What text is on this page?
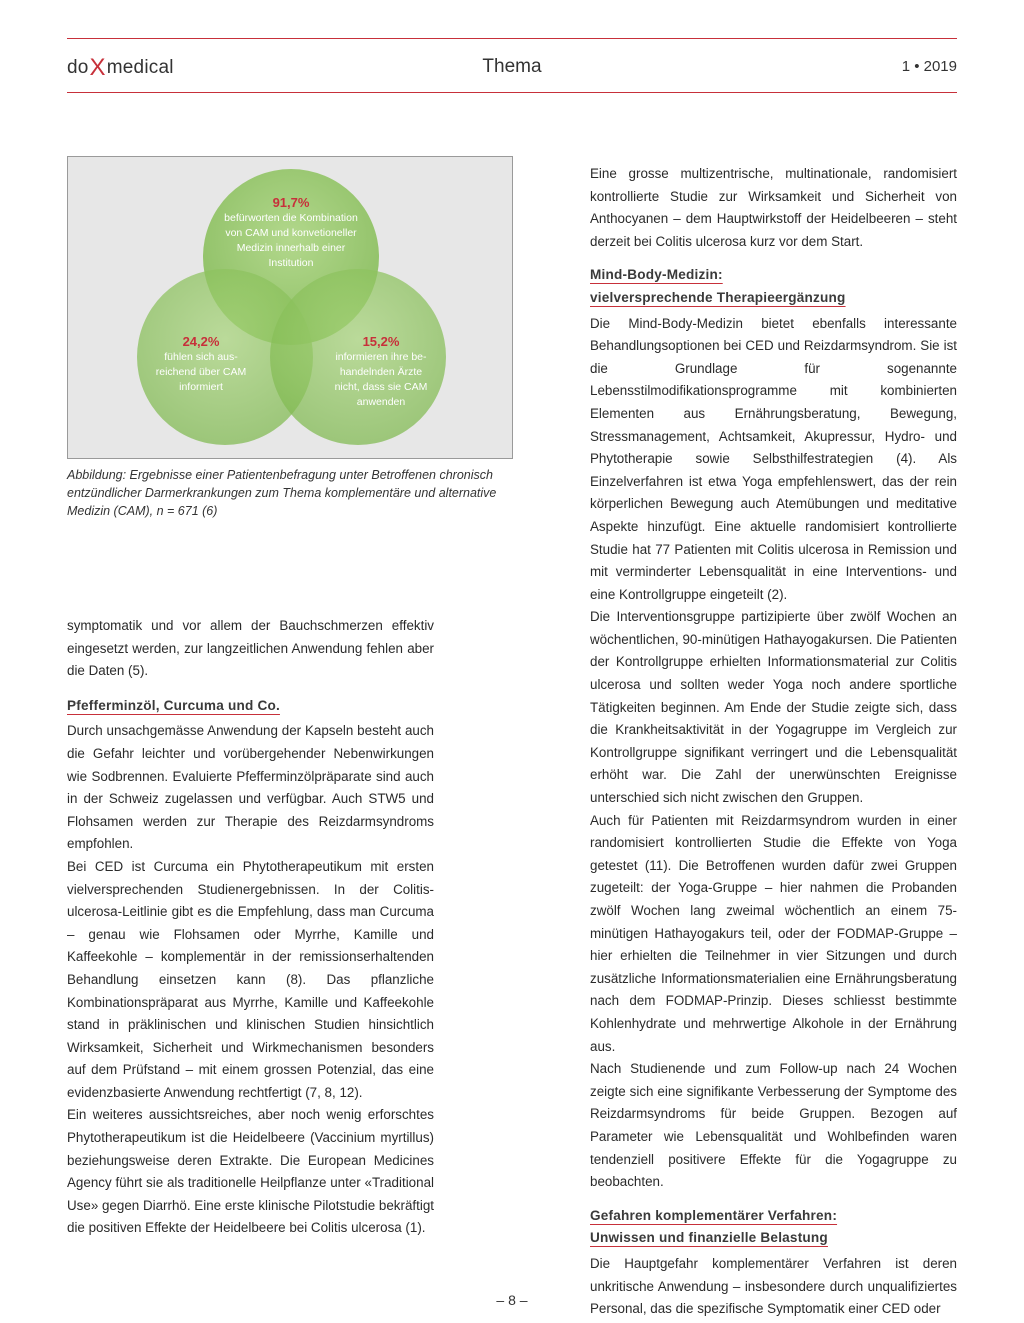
doXmedical	Thema	1 • 2019
91,7%
befürworten die Kombination
von CAM und konvetioneller
Medizin innerhalb einer
Institution
24,2%
fühlen sich aus-
reichend über CAM
informiert
15,2%
informieren ihre be-
handelnden Ärzte
nicht, dass sie CAM
anwenden

Abbildung: Ergebnisse einer Patientenbefragung unter Betroffenen chronisch entzündlicher Darmerkrankungen zum Thema komplementäre und alternative Medizin (CAM), n = 671 (6)

symptomatik und vor allem der Bauchschmerzen effektiv eingesetzt werden, zur langzeitlichen Anwendung fehlen aber die Daten (5).

Pfefferminzöl, Curcuma und Co.

Durch unsachgemässe Anwendung der Kapseln besteht auch die Gefahr leichter und vorübergehender Nebenwirkungen wie Sodbrennen. Evaluierte Pfefferminzölpräparate sind auch in der Schweiz zugelassen und verfügbar. Auch STW5 und Flohsamen werden zur Therapie des Reizdarmsyndroms empfohlen.

Bei CED ist Curcuma ein Phytotherapeutikum mit ersten vielversprechenden Studienergebnissen. In der Colitis-ulcerosa-Leitlinie gibt es die Empfehlung, dass man Curcuma – genau wie Flohsamen oder Myrrhe, Kamille und Kaffeekohle – komplementär in der remissionserhaltenden Behandlung einsetzen kann (8). Das pflanzliche Kombinationspräparat aus Myrrhe, Kamille und Kaffeekohle stand in präklinischen und klinischen Studien hinsichtlich Wirksamkeit, Sicherheit und Wirkmechanismen besonders auf dem Prüfstand – mit einem grossen Potenzial, das eine evidenzbasierte Anwendung rechtfertigt (7, 8, 12).

Ein weiteres aussichtsreiches, aber noch wenig erforschtes Phytotherapeutikum ist die Heidelbeere (Vaccinium myrtillus) beziehungsweise deren Extrakte. Die European Medicines Agency führt sie als traditionelle Heilpflanze unter «Traditional Use» gegen Diarrhö. Eine erste klinische Pilotstudie bekräftigt die positiven Effekte der Heidelbeere bei Colitis ulcerosa (1).

Eine grosse multizentrische, multinationale, randomisiert kontrollierte Studie zur Wirksamkeit und Sicherheit von Anthocyanen – dem Hauptwirkstoff der Heidelbeeren – steht derzeit bei Colitis ulcerosa kurz vor dem Start.

Mind-Body-Medizin:
vielversprechende Therapieergänzung

Die Mind-Body-Medizin bietet ebenfalls interessante Behandlungsoptionen bei CED und Reizdarmsyndrom. Sie ist die Grundlage für sogenannte Lebensstilmodifikationsprogramme mit kombinierten Elementen aus Ernährungsberatung, Bewegung, Stressmanagement, Achtsamkeit, Akupressur, Hydro- und Phytotherapie sowie Selbsthilfestrategien (4). Als Einzelverfahren ist etwa Yoga empfehlenswert, das der rein körperlichen Bewegung auch Atemübungen und meditative Aspekte hinzufügt. Eine aktuelle randomisiert kontrollierte Studie hat 77 Patienten mit Colitis ulcerosa in Remission und mit verminderter Lebensqualität in eine Interventions- und eine Kontrollgruppe eingeteilt (2).

Die Interventionsgruppe partizipierte über zwölf Wochen an wöchentlichen, 90-minütigen Hathayogakursen. Die Patienten der Kontrollgruppe erhielten Informationsmaterial zur Colitis ulcerosa und sollten weder Yoga noch andere sportliche Tätigkeiten beginnen. Am Ende der Studie zeigte sich, dass die Krankheitsaktivität in der Yogagruppe im Vergleich zur Kontrollgruppe signifikant verringert und die Lebensqualität erhöht war. Die Zahl der unerwünschten Ereignisse unterschied sich nicht zwischen den Gruppen.

Auch für Patienten mit Reizdarmsyndrom wurden in einer randomisiert kontrollierten Studie die Effekte von Yoga getestet (11). Die Betroffenen wurden dafür zwei Gruppen zugeteilt: der Yoga-Gruppe – hier nahmen die Probanden zwölf Wochen lang zweimal wöchentlich an einem 75-minütigen Hathayogakurs teil, oder der FODMAP-Gruppe – hier erhielten die Teilnehmer in vier Sitzungen und durch zusätzliche Informationsmaterialien eine Ernährungsberatung nach dem FODMAP-Prinzip. Dieses schliesst bestimmte Kohlenhydrate und mehrwertige Alkohole in der Ernährung aus.

Nach Studienende und zum Follow-up nach 24 Wochen zeigte sich eine signifikante Verbesserung der Symptome des Reizdarmsyndroms für beide Gruppen. Bezogen auf Parameter wie Lebensqualität und Wohlbefinden waren tendenziell positivere Effekte für die Yogagruppe zu beobachten.

Gefahren komplementärer Verfahren:
Unwissen und finanzielle Belastung

Die Hauptgefahr komplementärer Verfahren ist deren unkritische Anwendung – insbesondere durch unqualifiziertes Personal, das die spezifische Symptomatik einer CED oder

– 8 –
